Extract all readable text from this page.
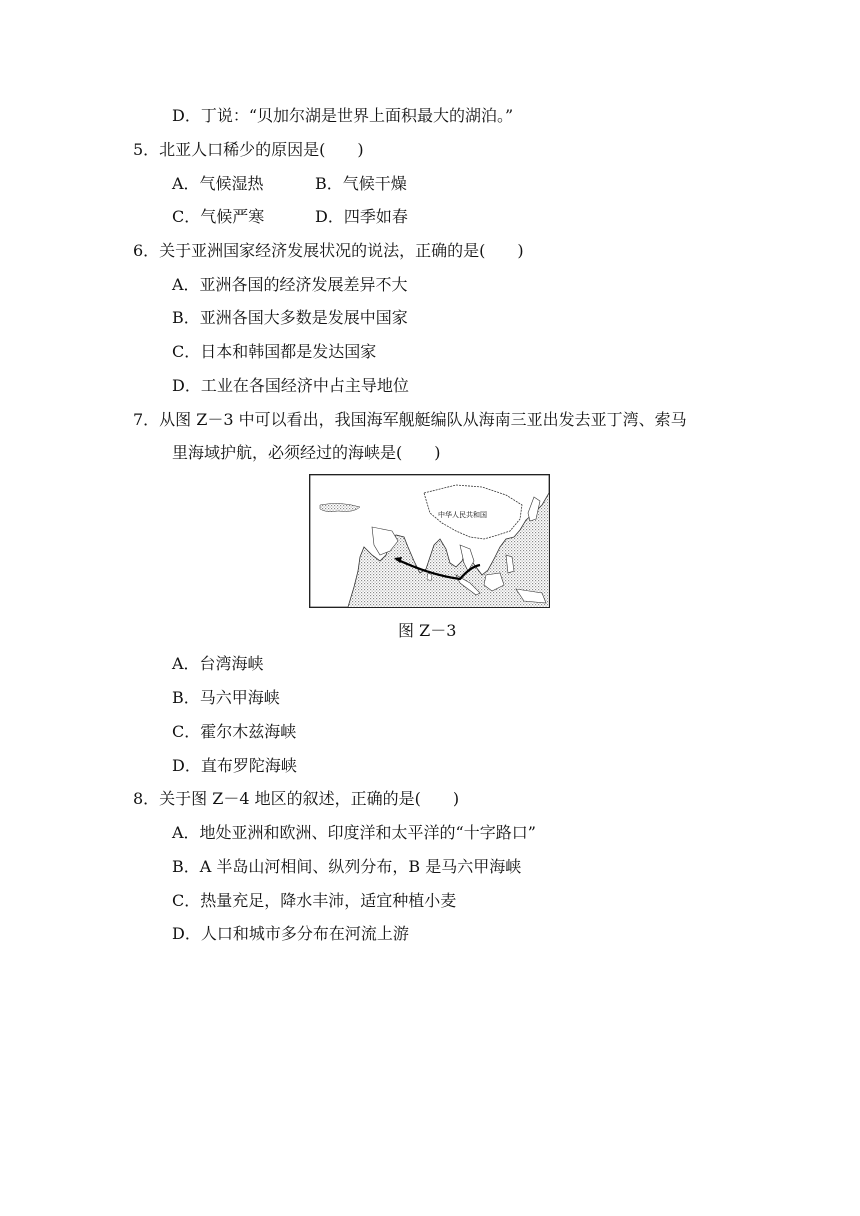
D．丁说：“贝加尔湖是世界上面积最大的湖泊。”
5．北亚人口稀少的原因是(　　)
A．气候湿热	B．气候干燥
C．气候严寒	D．四季如春
6．关于亚洲国家经济发展状况的说法，正确的是(　　)
A．亚洲各国的经济发展差异不大
B．亚洲各国大多数是发展中国家
C．日本和韩国都是发达国家
D．工业在各国经济中占主导地位
7．从图 Z－3 中可以看出，我国海军舰艇编队从海南三亚出发去亚丁湾、索马
里海域护航，必须经过的海峡是(　　)
中华人民共和国
图 Z－3
A．台湾海峡
B．马六甲海峡
C．霍尔木兹海峡
D．直布罗陀海峡
8．关于图 Z－4 地区的叙述，正确的是(　　)
A．地处亚洲和欧洲、印度洋和太平洋的“十字路口”
B．A 半岛山河相间、纵列分布，B 是马六甲海峡
C．热量充足，降水丰沛，适宜种植小麦
D．人口和城市多分布在河流上游
